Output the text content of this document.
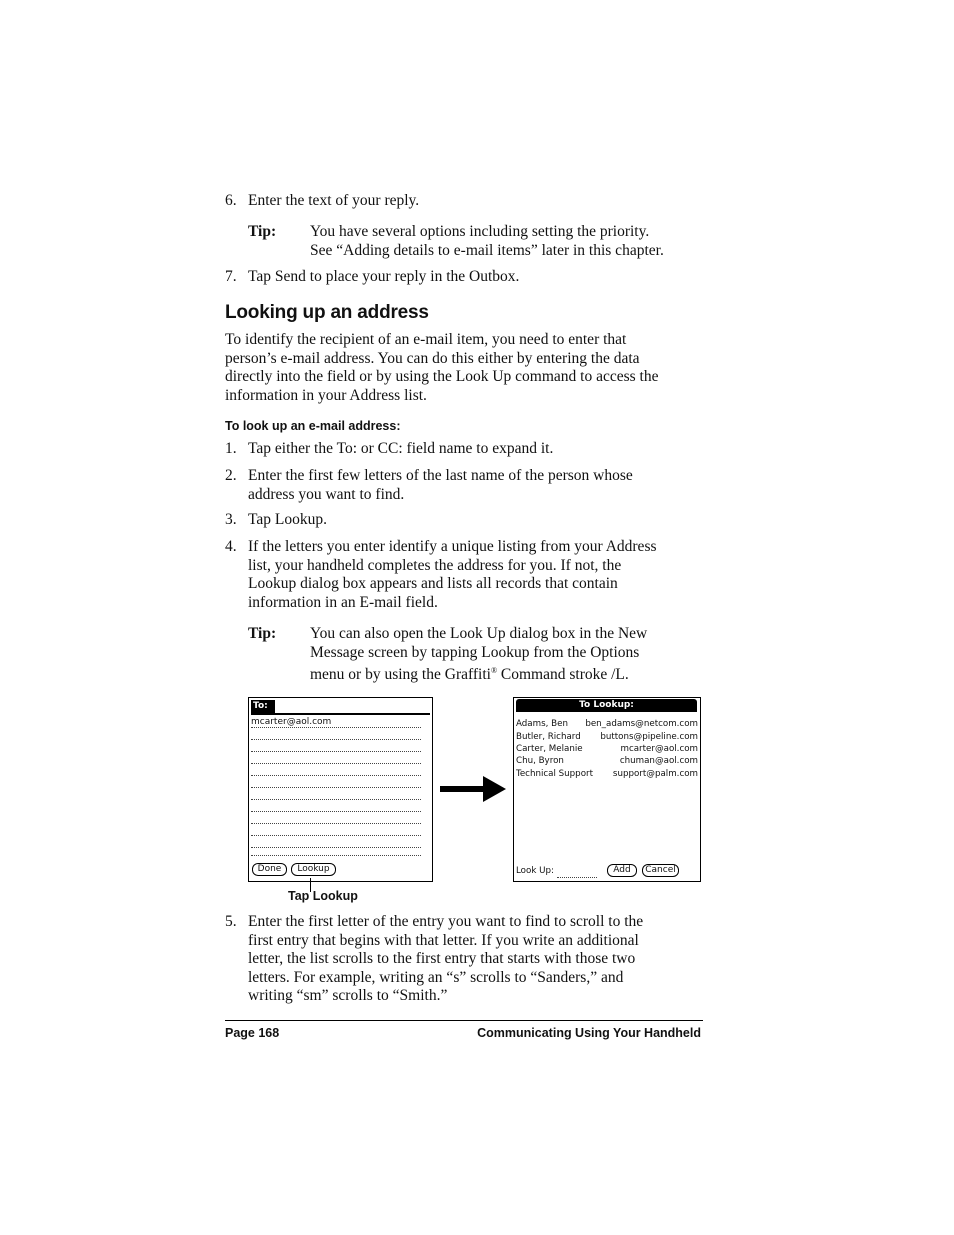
6. Enter the text of your reply.
Tip: You have several options including setting the priority.
See “Adding details to e-mail items” later in this chapter.
7. Tap Send to place your reply in the Outbox.
Looking up an address
To identify the recipient of an e-mail item, you need to enter that
person’s e-mail address. You can do this either by entering the data
directly into the field or by using the Look Up command to access the
information in your Address list.
To look up an e-mail address:
1. Tap either the To: or CC: field name to expand it.
2. Enter the first few letters of the last name of the person whose
address you want to find.
3. Tap Lookup.
4. If the letters you enter identify a unique listing from your Address
list, your handheld completes the address for you. If not, the
Lookup dialog box appears and lists all records that contain
information in an E-mail field.
Tip: You can also open the Look Up dialog box in the New
Message screen by tapping Lookup from the Options
menu or by using the Graffiti® Command stroke /L.
To:
mcarter@aol.com
Done	Lookup
To Lookup:
Adams, Ben ben_adams@netcom.com
Butler, Richard buttons@pipeline.com
Carter, Melanie	mcarter@aol.com
Chu, Byron	chuman@aol.com
Technical Support support@palm.com
Look Up:	Add	Cancel
Tap Lookup
5. Enter the first letter of the entry you want to find to scroll to the
first entry that begins with that letter. If you write an additional
letter, the list scrolls to the first entry that starts with those two
letters. For example, writing an “s” scrolls to “Sanders,” and
writing “sm” scrolls to “Smith.”
Page 168	Communicating Using Your Handheld
